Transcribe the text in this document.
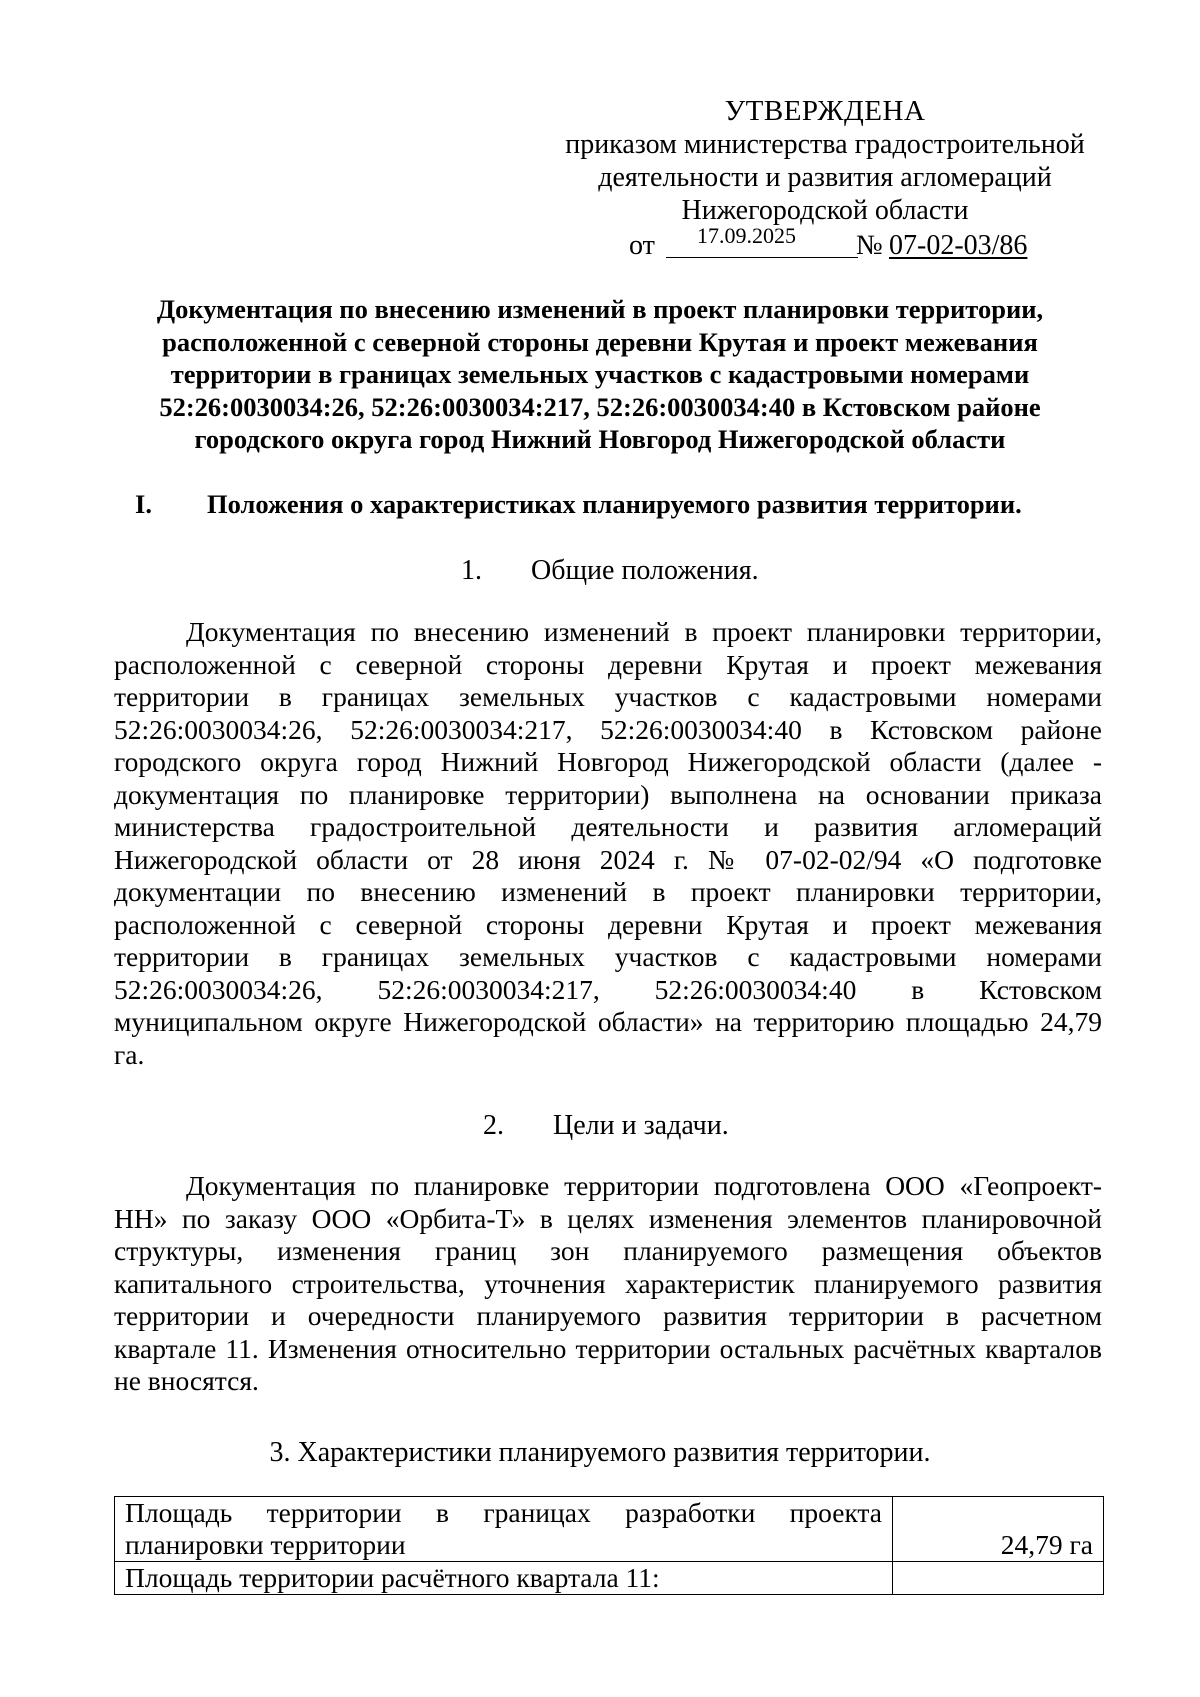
УТВЕРЖДЕНА
приказом министерства градостроительной
деятельности и развития агломераций
Нижегородской области
от 17.09.2025 № 07-02-03/86
Документация по внесению изменений в проект планировки территории,
расположенной с северной стороны деревни Крутая и проект межевания
территории в границах земельных участков с кадастровыми номерами
52:26:0030034:26, 52:26:0030034:217, 52:26:0030034:40 в Кстовском районе
городского округа город Нижний Новгород Нижегородской области
I. Положения о характеристиках планируемого развития территории.
1. Общие положения.

Документация по внесению изменений в проект планировки территории, расположенной с северной стороны деревни Крутая и проект межевания территории в границах земельных участков с кадастровыми номерами 52:26:0030034:26, 52:26:0030034:217, 52:26:0030034:40 в Кстовском районе городского округа город Нижний Новгород Нижегородской области (далее - документация по планировке территории) выполнена на основании приказа министерства градостроительной деятельности и развития агломераций Нижегородской области от 28 июня 2024 г. № 07-02-02/94 «О подготовке документации по внесению изменений в проект планировки территории, расположенной с северной стороны деревни Крутая и проект межевания территории в границах земельных участков с кадастровыми номерами 52:26:0030034:26, 52:26:0030034:217, 52:26:0030034:40 в Кстовском муниципальном округе Нижегородской области» на территорию площадью 24,79 га.

2. Цели и задачи.

Документация по планировке территории подготовлена ООО «Геопроект-НН» по заказу ООО «Орбита-Т» в целях изменения элементов планировочной структуры, изменения границ зон планируемого размещения объектов капитального строительства, уточнения характеристик планируемого развития территории и очередности планируемого развития территории в расчетном квартале 11. Изменения относительно территории остальных расчётных кварталов не вносятся.

3. Характеристики планируемого развития территории.
Площадь территории в границах разработки проекта
планировки территории	24,79 га
Площадь территории расчётного квартала 11:	
